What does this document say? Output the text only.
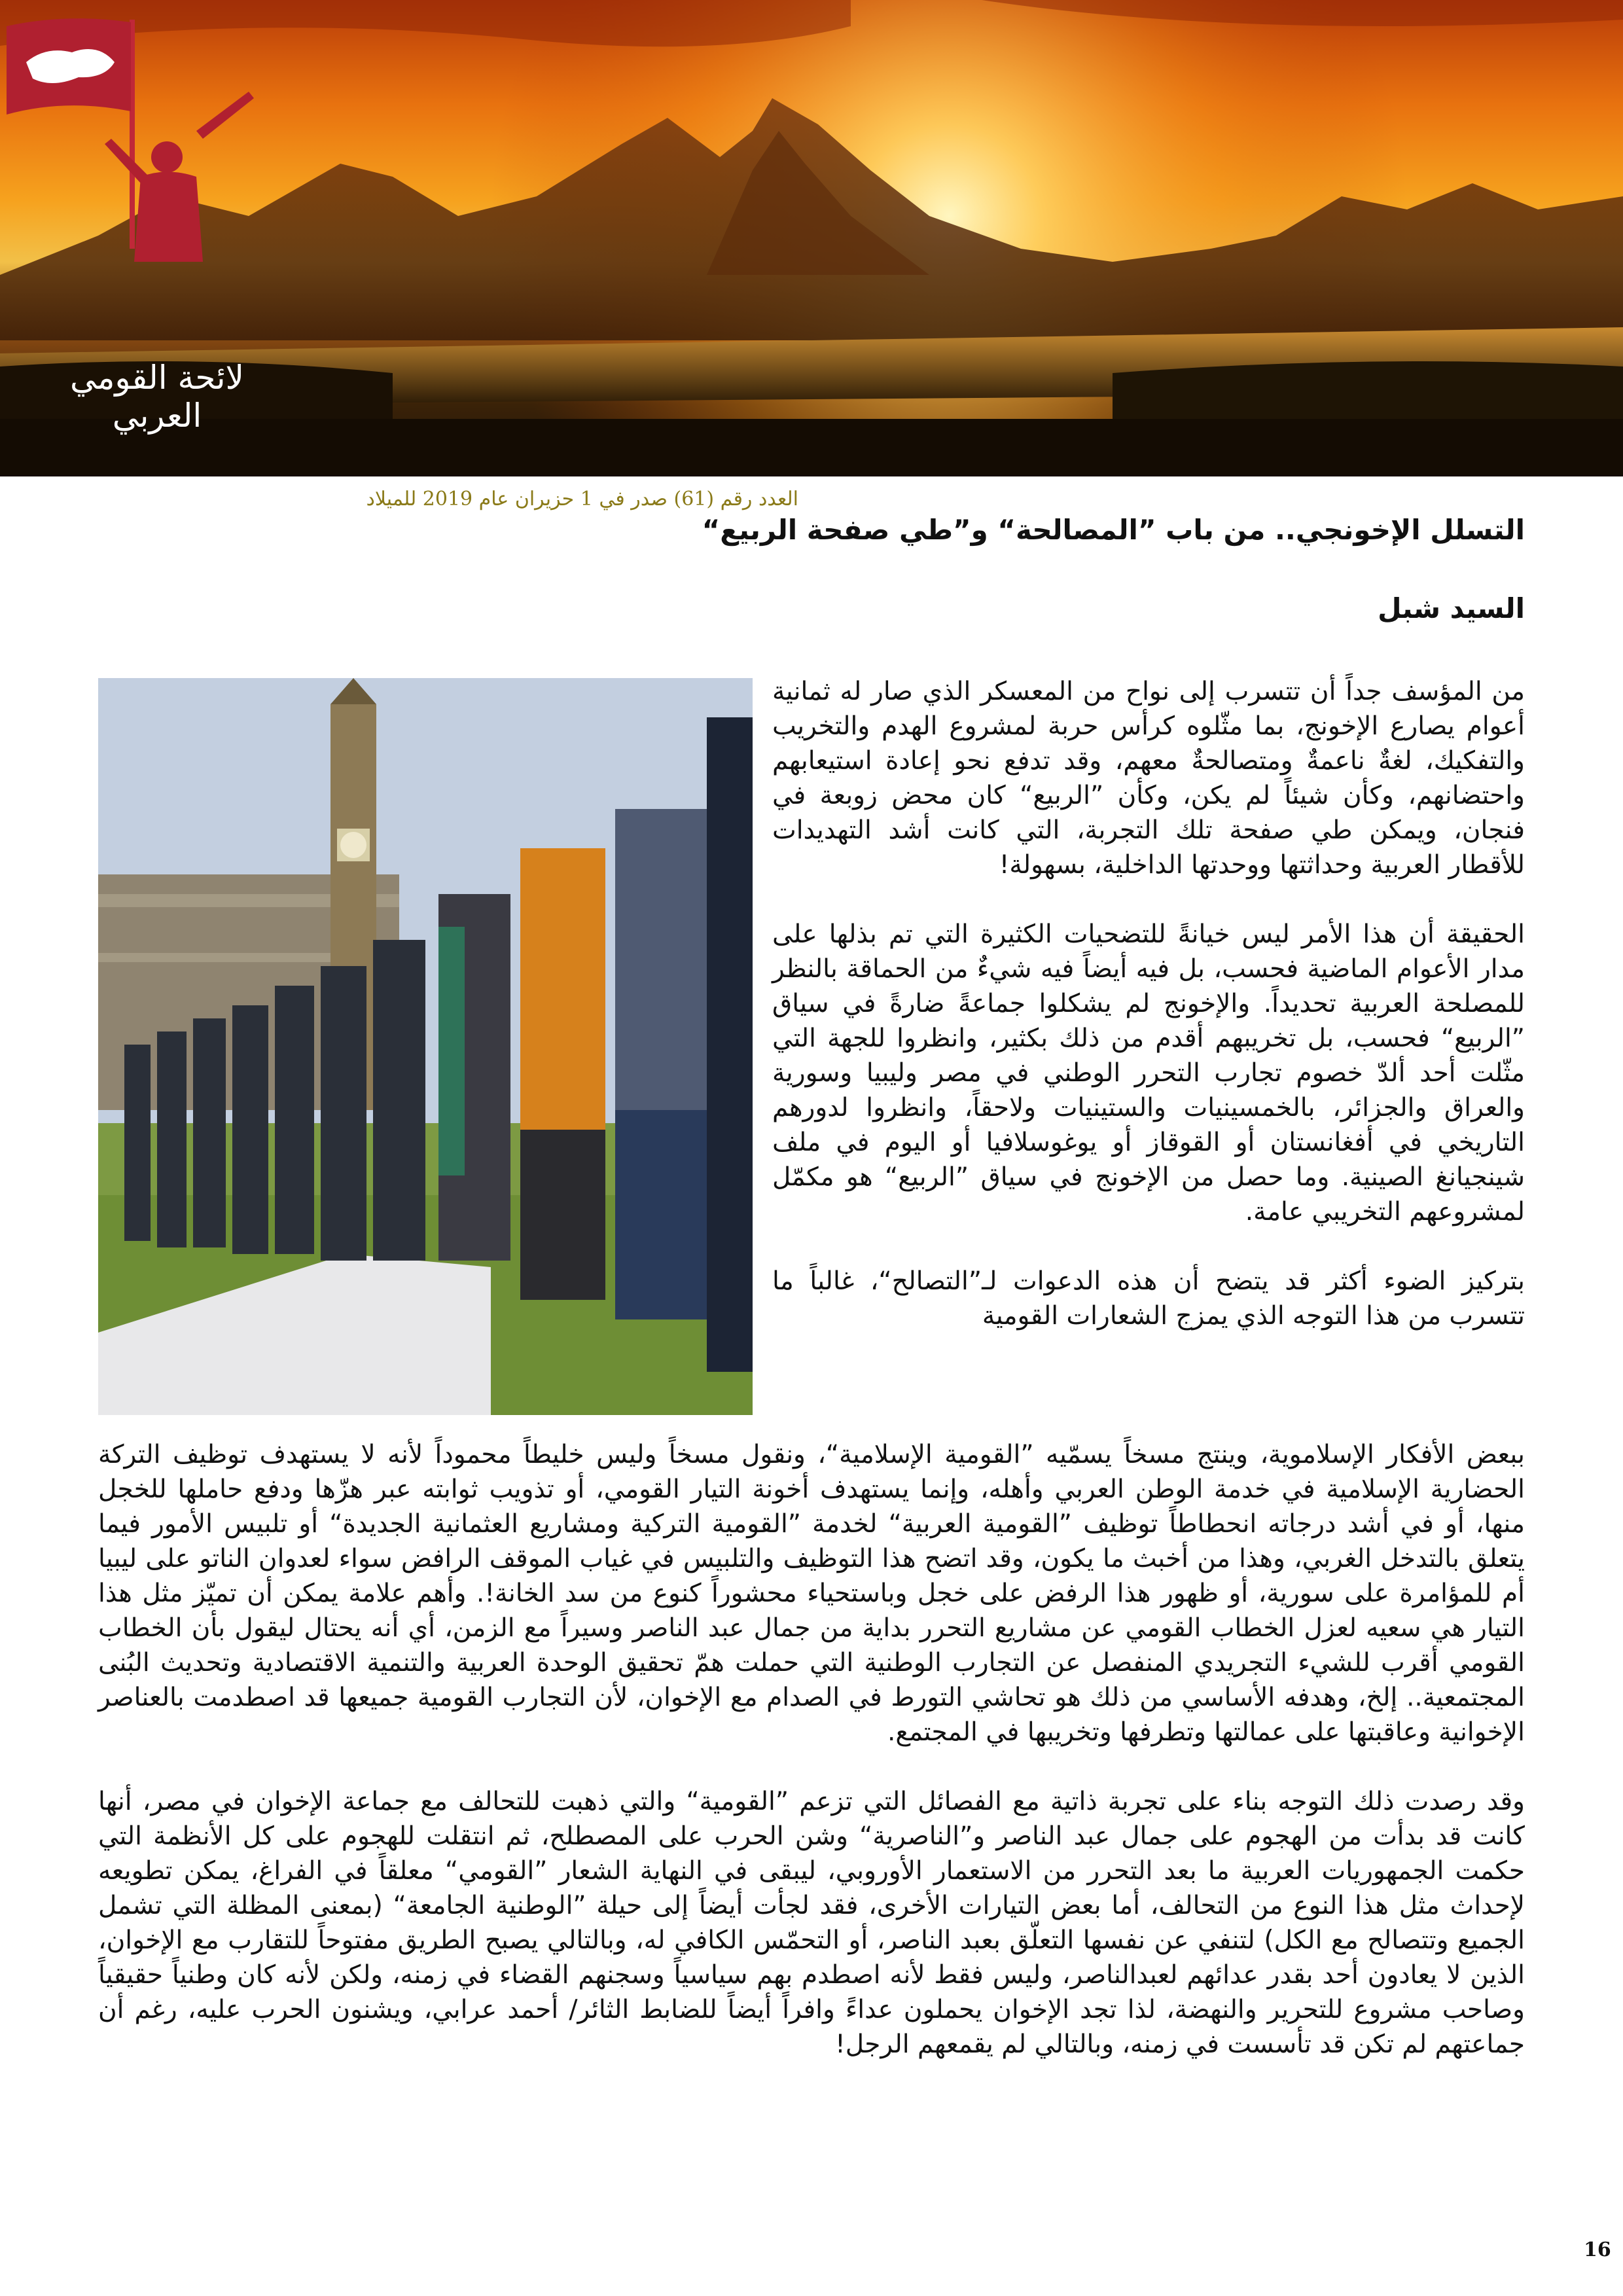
لائحة القومي العربي
العدد رقم (61) صدر في 1 حزيران عام 2019 للميلاد
التسلل الإخونجي.. من باب ”المصالحة“ و”طي صفحة الربيع“
السيد شبل

من المؤسف جداً أن تتسرب إلى نواح من المعسكر الذي صار له ثمانية أعوام يصارع الإخونج، بما مثّلوه كرأس حربة لمشروع الهدم والتخريب والتفكيك، لغةٌ ناعمةٌ ومتصالحةٌ معهم، وقد تدفع نحو إعادة استيعابهم واحتضانهم، وكأن شيئاً لم يكن، وكأن ”الربيع“ كان محض زوبعة في فنجان، ويمكن طي صفحة تلك التجربة، التي كانت أشد التهديدات للأقطار العربية وحداثتها ووحدتها الداخلية، بسهولة!

الحقيقة أن هذا الأمر ليس خيانةً للتضحيات الكثيرة التي تم بذلها على مدار الأعوام الماضية فحسب، بل فيه أيضاً فيه شيءٌ من الحماقة بالنظر للمصلحة العربية تحديداً. والإخونج لم يشكلوا جماعةً ضارةً في سياق ”الربيع“ فحسب، بل تخريبهم أقدم من ذلك بكثير، وانظروا للجهة التي مثّلت أحد ألدّ خصوم تجارب التحرر الوطني في مصر وليبيا وسورية والعراق والجزائر، بالخمسينيات والستينيات ولاحقاً، وانظروا لدورهم التاريخي في أفغانستان أو القوقاز أو يوغوسلافيا أو اليوم في ملف شينجيانغ الصينية. وما حصل من الإخونج في سياق ”الربيع“ هو مكمّل لمشروعهم التخريبي عامة.

بتركيز الضوء أكثر قد يتضح أن هذه الدعوات لـ”التصالح“، غالباً ما تتسرب من هذا التوجه الذي يمزج الشعارات القومية

ببعض الأفكار الإسلاموية، وينتج مسخاً يسمّيه ”القومية الإسلامية“، ونقول مسخاً وليس خليطاً محموداً لأنه لا يستهدف توظيف التركة الحضارية الإسلامية في خدمة الوطن العربي وأهله، وإنما يستهدف أخونة التيار القومي، أو تذويب ثوابته عبر هزّها ودفع حاملها للخجل منها، أو في أشد درجاته انحطاطاً توظيف ”القومية العربية“ لخدمة ”القومية التركية ومشاريع العثمانية الجديدة“ أو تلبيس الأمور فيما يتعلق بالتدخل الغربي، وهذا من أخبث ما يكون، وقد اتضح هذا التوظيف والتلبيس في غياب الموقف الرافض سواء لعدوان الناتو على ليبيا أم للمؤامرة على سورية، أو ظهور هذا الرفض على خجل وباستحياء محشوراً كنوع من سد الخانة!. وأهم علامة يمكن أن تميّز مثل هذا التيار هي سعيه لعزل الخطاب القومي عن مشاريع التحرر بداية من جمال عبد الناصر وسيراً مع الزمن، أي أنه يحتال ليقول بأن الخطاب القومي أقرب للشيء التجريدي المنفصل عن التجارب الوطنية التي حملت همّ تحقيق الوحدة العربية والتنمية الاقتصادية وتحديث البُنى المجتمعية.. إلخ، وهدفه الأساسي من ذلك هو تحاشي التورط في الصدام مع الإخوان، لأن التجارب القومية جميعها قد اصطدمت بالعناصر الإخوانية وعاقبتها على عمالتها وتطرفها وتخريبها في المجتمع.

وقد رصدت ذلك التوجه بناء على تجربة ذاتية مع الفصائل التي تزعم ”القومية“ والتي ذهبت للتحالف مع جماعة الإخوان في مصر، أنها كانت قد بدأت من الهجوم على جمال عبد الناصر و”الناصرية“ وشن الحرب على المصطلح، ثم انتقلت للهجوم على كل الأنظمة التي حكمت الجمهوريات العربية ما بعد التحرر من الاستعمار الأوروبي، ليبقى في النهاية الشعار ”القومي“ معلقاً في الفراغ، يمكن تطويعه لإحداث مثل هذا النوع من التحالف، أما بعض التيارات الأخرى، فقد لجأت أيضاً إلى حيلة ”الوطنية الجامعة“ (بمعنى المظلة التي تشمل الجميع وتتصالح مع الكل) لتنفي عن نفسها التعلّق بعبد الناصر، أو التحمّس الكافي له، وبالتالي يصبح الطريق مفتوحاً للتقارب مع الإخوان، الذين لا يعادون أحد بقدر عدائهم لعبدالناصر، وليس فقط لأنه اصطدم بهم سياسياً وسجنهم القضاء في زمنه، ولكن لأنه كان وطنياً حقيقياً وصاحب مشروع للتحرير والنهضة، لذا تجد الإخوان يحملون عداءً وافراً أيضاً للضابط الثائر/ أحمد عرابي، ويشنون الحرب عليه، رغم أن جماعتهم لم تكن قد تأسست في زمنه، وبالتالي لم يقمعهم الرجل!

16
